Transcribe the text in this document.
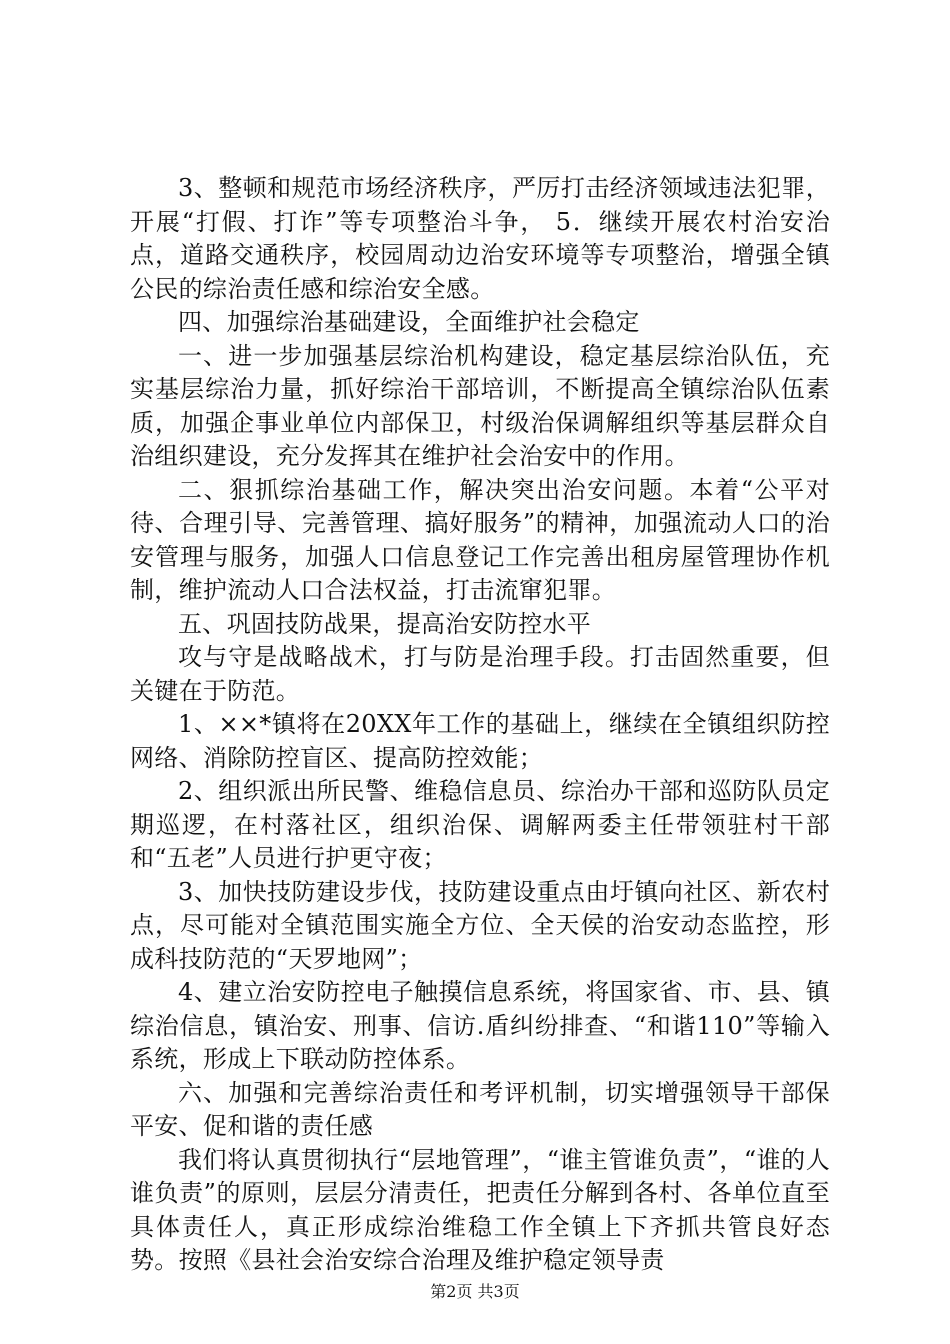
3、整顿和规范市场经济秩序，严厉打击经济领域违法犯罪，开展“打假、打诈”等专项整治斗争， 5．继续开展农村治安治点，道路交通秩序，校园周动边治安环境等专项整治，增强全镇公民的综治责任感和综治安全感。

四、加强综治基础建设，全面维护社会稳定

一、进一步加强基层综治机构建设，稳定基层综治队伍，充实基层综治力量，抓好综治干部培训，不断提高全镇综治队伍素质，加强企事业单位内部保卫，村级治保调解组织等基层群众自治组织建设，充分发挥其在维护社会治安中的作用。

二、狠抓综治基础工作，解决突出治安问题。本着“公平对待、合理引导、完善管理、搞好服务”的精神，加强流动人口的治安管理与服务，加强人口信息登记工作完善出租房屋管理协作机制，维护流动人口合法权益，打击流窜犯罪。

五、巩固技防战果，提高治安防控水平

攻与守是战略战术，打与防是治理手段。打击固然重要，但关键在于防范。

1、××*镇将在20XX年工作的基础上，继续在全镇组织防控网络、消除防控盲区、提高防控效能；

2、组织派出所民警、维稳信息员、综治办干部和巡防队员定期巡逻，在村落社区，组织治保、调解两委主任带领驻村干部和“五老”人员进行护更守夜；

3、加快技防建设步伐，技防建设重点由圩镇向社区、新农村点，尽可能对全镇范围实施全方位、全天侯的治安动态监控，形成科技防范的“天罗地网”；

4、建立治安防控电子触摸信息系统，将国家省、市、县、镇综治信息，镇治安、刑事、信访.盾纠纷排查、“和谐110”等输入系统，形成上下联动防控体系。

六、加强和完善综治责任和考评机制，切实增强领导干部保平安、促和谐的责任感

我们将认真贯彻执行“层地管理”，“谁主管谁负责”，“谁的人谁负责”的原则，层层分清责任，把责任分解到各村、各单位直至具体责任人，真正形成综治维稳工作全镇上下齐抓共管良好态势。按照《县社会治安综合治理及维护稳定领导责

第2页 共3页
